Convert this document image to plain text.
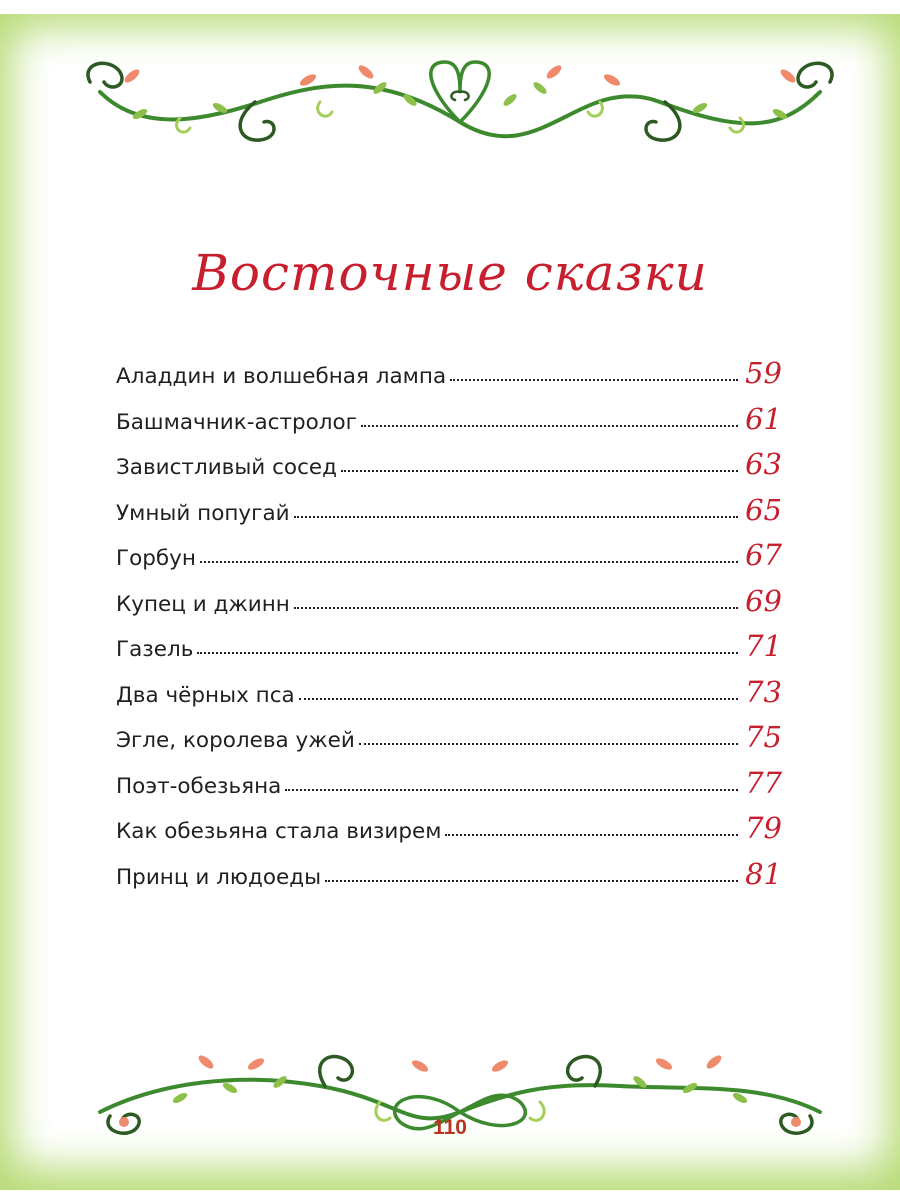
Восточные сказки
Аладдин и волшебная лампа	59
Башмачник-астролог	61
Завистливый сосед	63
Умный попугай	65
Горбун	67
Купец и джинн	69
Газель	71
Два чёрных пса	73
Эгле, королева ужей	75
Поэт-обезьяна	77
Как обезьяна стала визирем	79
Принц и людоеды	81
110
